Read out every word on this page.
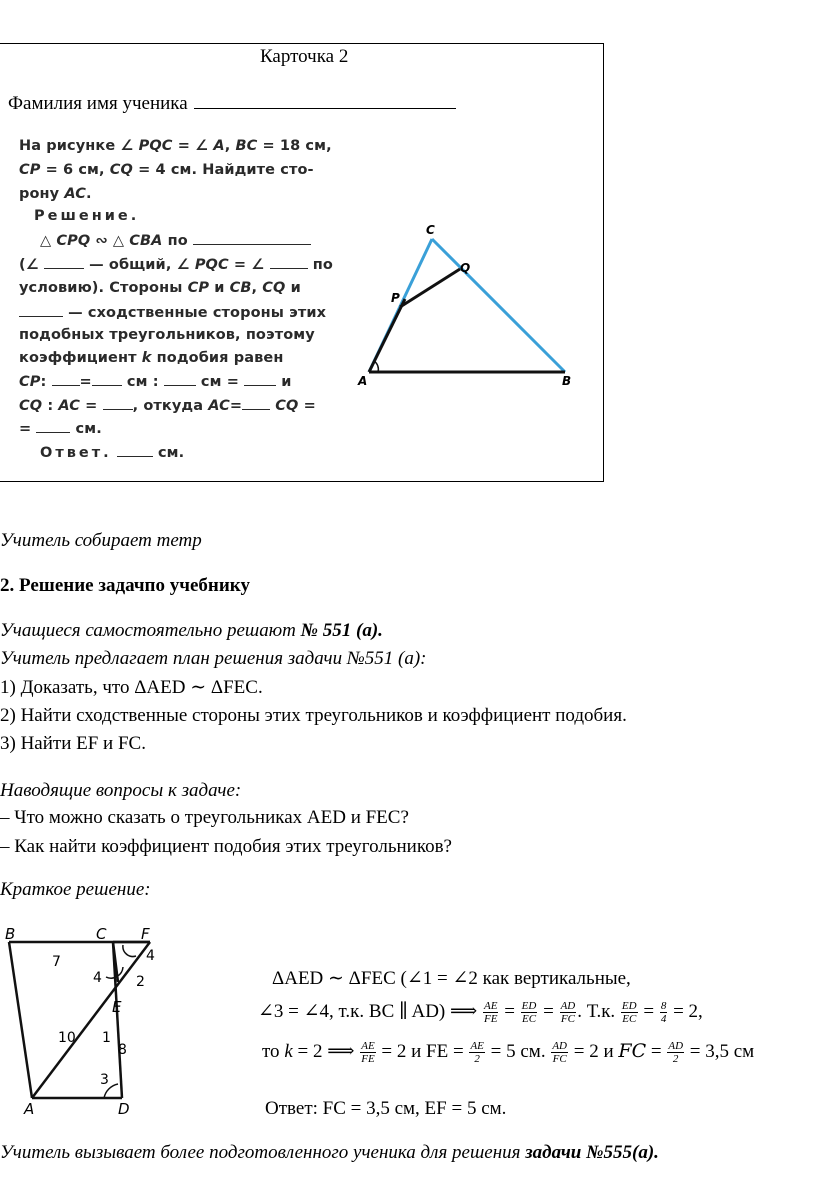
Карточка 2
Фамилия имя ученика
На рисунке ∠ PQC = ∠ A, BC = 18 см,
CP = 6 см, CQ = 4 см. Найдите сто-
рону AC.
Решение.
△ CPQ ∾ △ CBA по
(∠	— общий, ∠ PQC = ∠	по
условию). Стороны CP и CB, CQ и
— сходственные стороны этих
подобных треугольников, поэтому
коэффициент k подобия равен
CP: = см :	см =	и
CQ : AC = , откуда AC= CQ =
=	см.
Ответ.	см.
C
Q
P
A	B
Учитель собирает тетр
2. Решение задачпо учебнику
Учащиеся самостоятельно решают № 551 (а).
Учитель предлагает план решения задачи №551 (а):
1) Доказать, что ΔAED ∼ ΔFEC.
2) Найти сходственные стороны этих треугольников и коэффициент подобия.
3) Найти EF и FC.
Наводящие вопросы к задаче:
– Что можно сказать о треугольниках AED и FEC?
– Как найти коэффициент подобия этих треугольников?
Краткое решение:
B	C F
A	D
E
7	4
4 2
10 1
8
3
ΔAED ∼ ΔFEC (∠1 = ∠2 как вертикальные,
∠3 = ∠4, т.к. BC ∥ AD) ⟹ $\frac{AE}{FE} = \frac{ED}{EC} = \frac{AD}{FC}$ . Т.к. $\frac{ED}{EC} = \frac{8}{4} = 2$,
то k = 2 ⟹ $\frac{AE}{FE} = 2$ и FE = $\frac{AE}{2} = 5$ см. $\frac{AD}{FC} = 2$ и FC = $\frac{AD}{2} = 3,5$ см
Ответ: FC = 3,5 см, EF = 5 см.
Учитель вызывает более подготовленного ученика для решения задачи №555(а).
